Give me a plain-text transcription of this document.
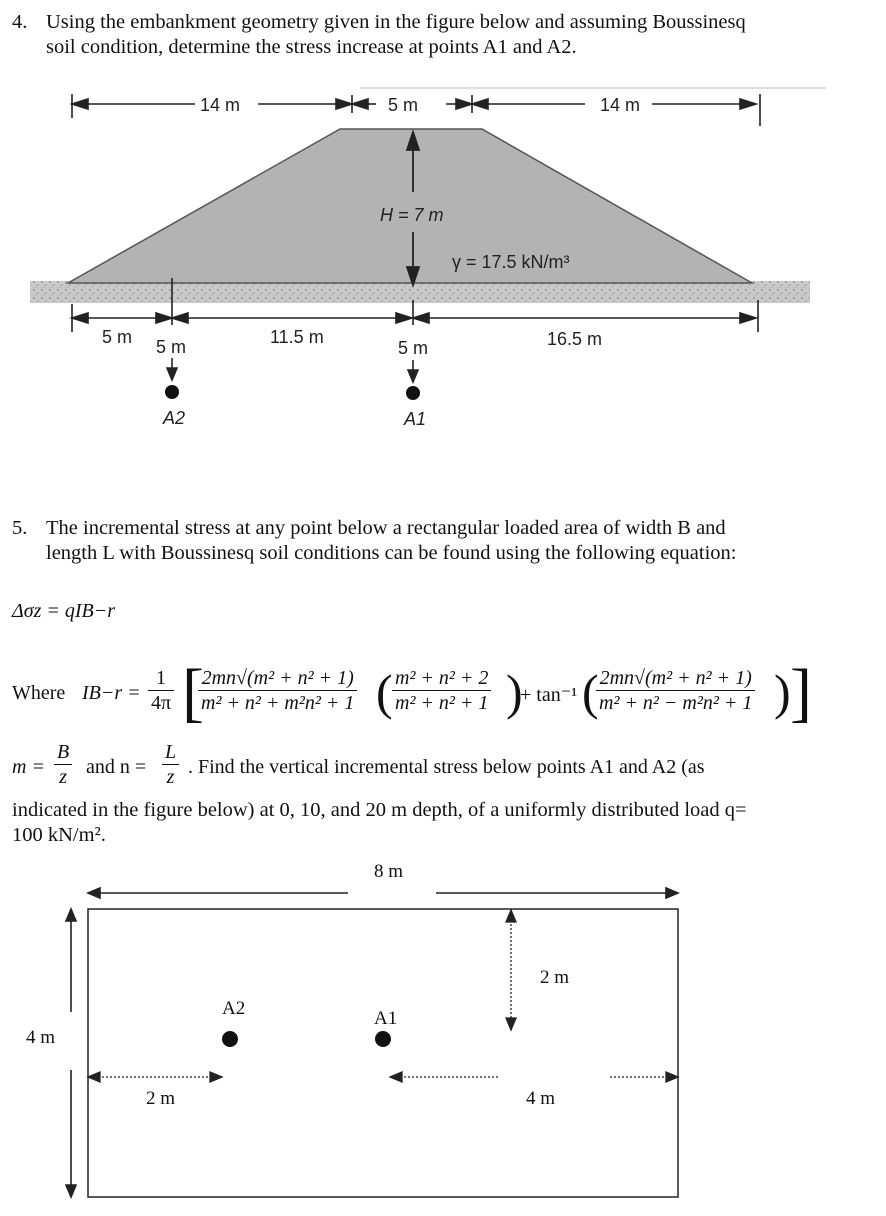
4. Using the embankment geometry given in the figure below and assuming Boussinesq
soil condition, determine the stress increase at points A1 and A2.
14 m	5 m	14 m
H = 7 m
γ = 17.5 kN/m³
5 m	11.5 m	16.5 m
5 m
A2
5 m
A1
5. The incremental stress at any point below a rectangular loaded area of width B and
length L with Boussinesq soil conditions can be found using the following equation:
Δσz = qIB−r
Where $IB-r = \frac{1}{4\pi}$ [
$\frac{\text{2mn√(m² + n² + 1)}}{\text{m² + n² + m²n² + 1}}$ ( $\frac{\text{m² + n² + 2}}{\text{m² + n² + 1}}$ )
+ tan⁻¹ (
$\frac{\text{2mn√(m² + n² + 1)}}{\text{m² + n² − m²n² + 1}}$ ) ]
$m = \frac{B}{z}$ and $n = \frac{L}{z}$ . Find the vertical incremental stress below points A1 and A2 (as
indicated in the figure below) at 0, 10, and 20 m depth, of a uniformly distributed load q=
100 kN/m².
8 m
4 m
2 m
A2	A1
2 m	4 m
